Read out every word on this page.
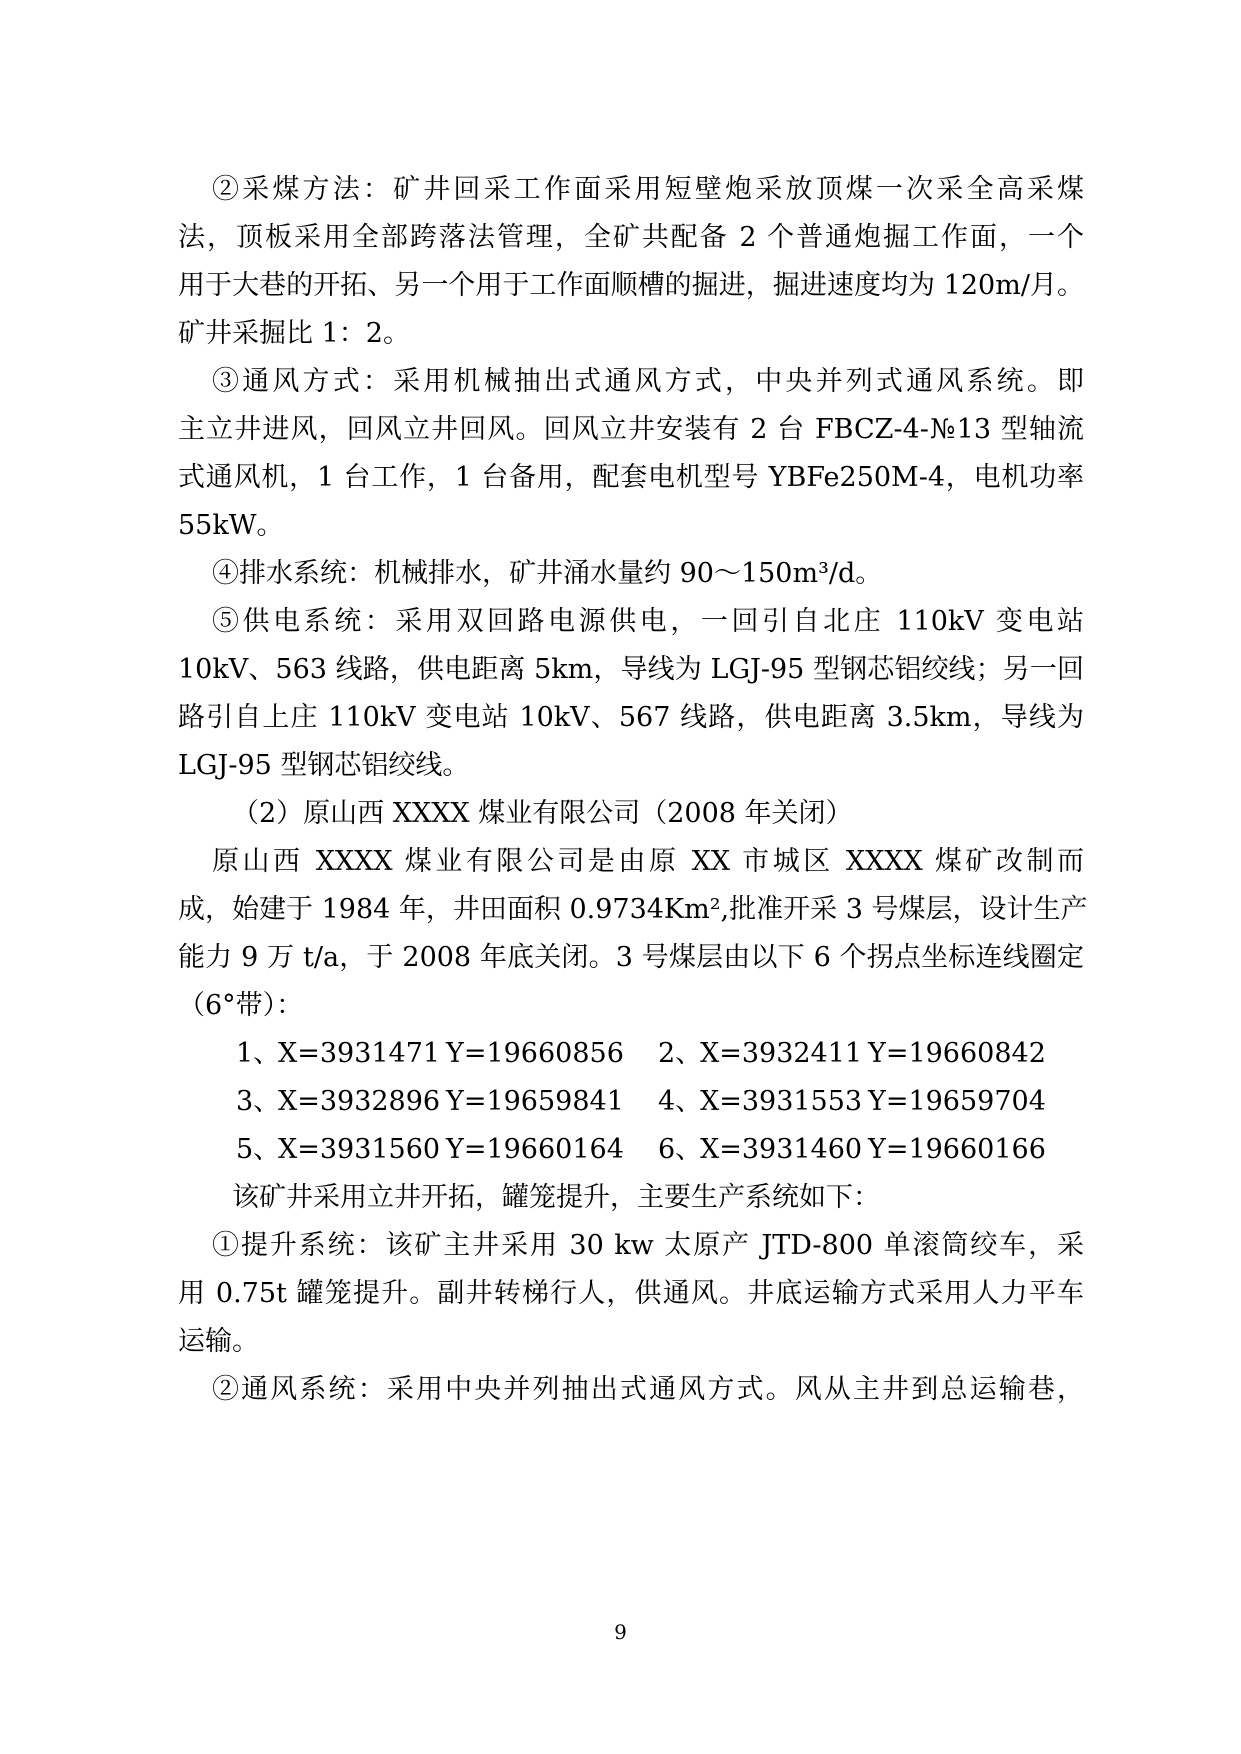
②采煤方法：矿井回采工作面采用短壁炮采放顶煤一次采全高采煤
法，顶板采用全部跨落法管理，全矿共配备 2 个普通炮掘工作面，一个
用于大巷的开拓、另一个用于工作面顺槽的掘进，掘进速度均为 120m/月。
矿井采掘比 1：2。
③通风方式：采用机械抽出式通风方式，中央并列式通风系统。即
主立井进风，回风立井回风。回风立井安装有 2 台 FBCZ-4-№13 型轴流
式通风机，1 台工作，1 台备用，配套电机型号 YBFe250M-4，电机功率
55kW。
④排水系统：机械排水，矿井涌水量约 90～150m³/d。
⑤供电系统：采用双回路电源供电，一回引自北庄 110kV 变电站
10kV、563 线路，供电距离 5km，导线为 LGJ-95 型钢芯铝绞线；另一回
路引自上庄 110kV 变电站 10kV、567 线路，供电距离 3.5km，导线为
LGJ-95 型钢芯铝绞线。
（2）原山西 XXXX 煤业有限公司（2008 年关闭）
原山西 XXXX 煤业有限公司是由原 XX 市城区 XXXX 煤矿改制而
成，始建于 1984 年，井田面积 0.9734Km²,批准开采 3 号煤层，设计生产
能力 9 万 t/a，于 2008 年底关闭。3 号煤层由以下 6 个拐点坐标连线圈定
（6°带）：
1、
X=3931471 Y=19660856 2、
X=3932411 Y=19660842
3、
X=3932896 Y=19659841 4、
X=3931553 Y=19659704
5、
X=3931560 Y=19660164 6、
X=3931460 Y=19660166
该矿井采用立井开拓，罐笼提升，主要生产系统如下：
①提升系统：该矿主井采用 30 kw 太原产 JTD-800 单滚筒绞车，采
用 0.75t 罐笼提升。副井转梯行人，供通风。井底运输方式采用人力平车
运输。
②通风系统：采用中央并列抽出式通风方式。风从主井到总运输巷，
9
